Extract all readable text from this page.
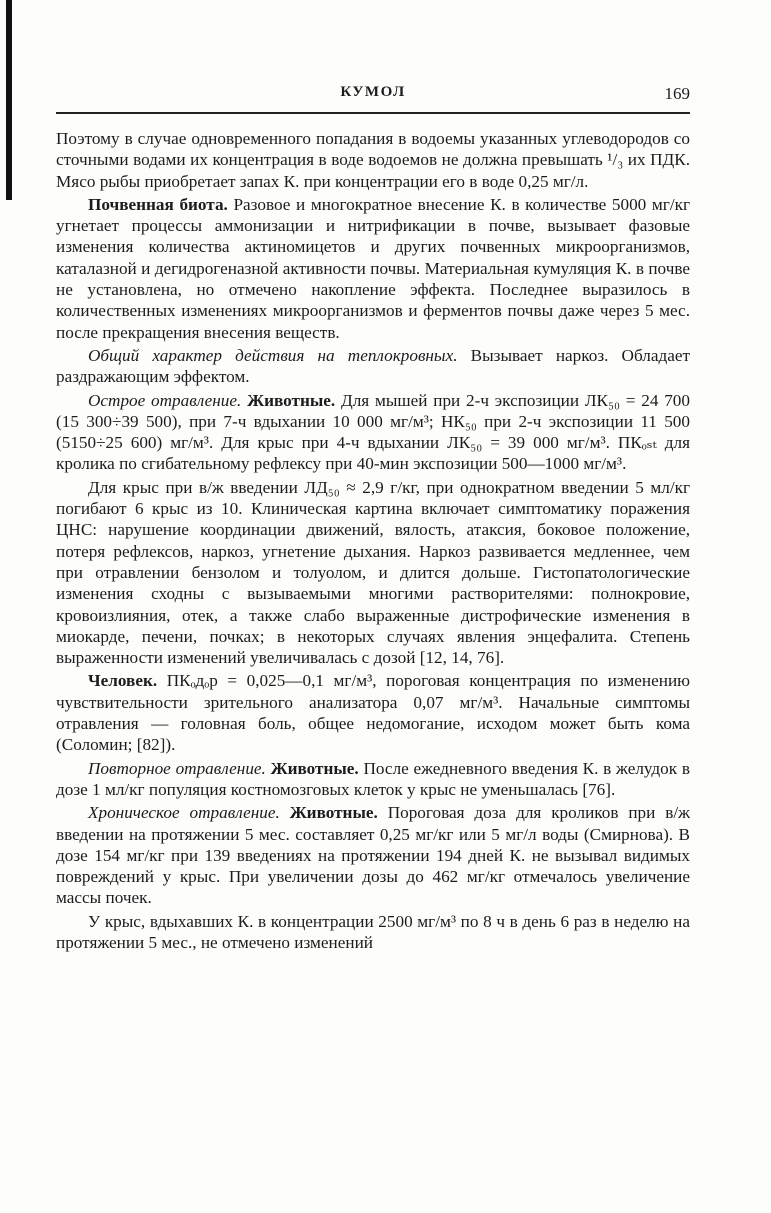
КУМОЛ	169

Поэтому в случае одновременного попадания в водоемы указанных углеводородов со сточными водами их концентрация в воде водоемов не должна превышать ¹/₃ их ПДК. Мясо рыбы приобретает запах К. при концентрации его в воде 0,25 мг/л.

Почвенная биота. Разовое и многократное внесение К. в количестве 5000 мг/кг угнетает процессы аммонизации и нитрификации в почве, вызывает фазовые изменения количества актиномицетов и других почвенных микроорганизмов, каталазной и дегидрогеназной активности почвы. Материальная кумуляция К. в почве не установлена, но отмечено накопление эффекта. Последнее выразилось в количественных изменениях микроорганизмов и ферментов почвы даже через 5 мес. после прекращения внесения веществ.

Общий характер действия на теплокровных. Вызывает наркоз. Обладает раздражающим эффектом.

Острое отравление. Животные. Для мышей при 2-ч экспозиции ЛК₅₀ = 24 700 (15 300÷39 500), при 7-ч вдыхании 10 000 мг/м³; НК₅₀ при 2-ч экспозиции 11 500 (5150÷25 600) мг/м³. Для крыс при 4-ч вдыхании ЛК₅₀ = 39 000 мг/м³. ПКₒₛₜ для кролика по сгибательному рефлексу при 40-мин экспозиции 500—1000 мг/м³.

Для крыс при в/ж введении ЛД₅₀ ≈ 2,9 г/кг, при однократном введении 5 мл/кг погибают 6 крыс из 10. Клиническая картина включает симптоматику поражения ЦНС: нарушение координации движений, вялость, атаксия, боковое положение, потеря рефлексов, наркоз, угнетение дыхания. Наркоз развивается медленнее, чем при отравлении бензолом и толуолом, и длится дольше. Гистопатологические изменения сходны с вызываемыми многими растворителями: полнокровие, кровоизлияния, отек, а также слабо выраженные дистрофические изменения в миокарде, печени, почках; в некоторых случаях явления энцефалита. Степень выраженности изменений увеличивалась с дозой [12, 14, 76].

Человек. ПКₒдₒр = 0,025—0,1 мг/м³, пороговая концентрация по изменению чувствительности зрительного анализатора 0,07 мг/м³. Начальные симптомы отравления — головная боль, общее недомогание, исходом может быть кома (Соломин; [82]).

Повторное отравление. Животные. После ежедневного введения К. в желудок в дозе 1 мл/кг популяция костномозговых клеток у крыс не уменьшалась [76].

Хроническое отравление. Животные. Пороговая доза для кроликов при в/ж введении на протяжении 5 мес. составляет 0,25 мг/кг или 5 мг/л воды (Смирнова). В дозе 154 мг/кг при 139 введениях на протяжении 194 дней К. не вызывал видимых повреждений у крыс. При увеличении дозы до 462 мг/кг отмечалось увеличение массы почек.

У крыс, вдыхавших К. в концентрации 2500 мг/м³ по 8 ч в день 6 раз в неделю на протяжении 5 мес., не отмечено изменений
